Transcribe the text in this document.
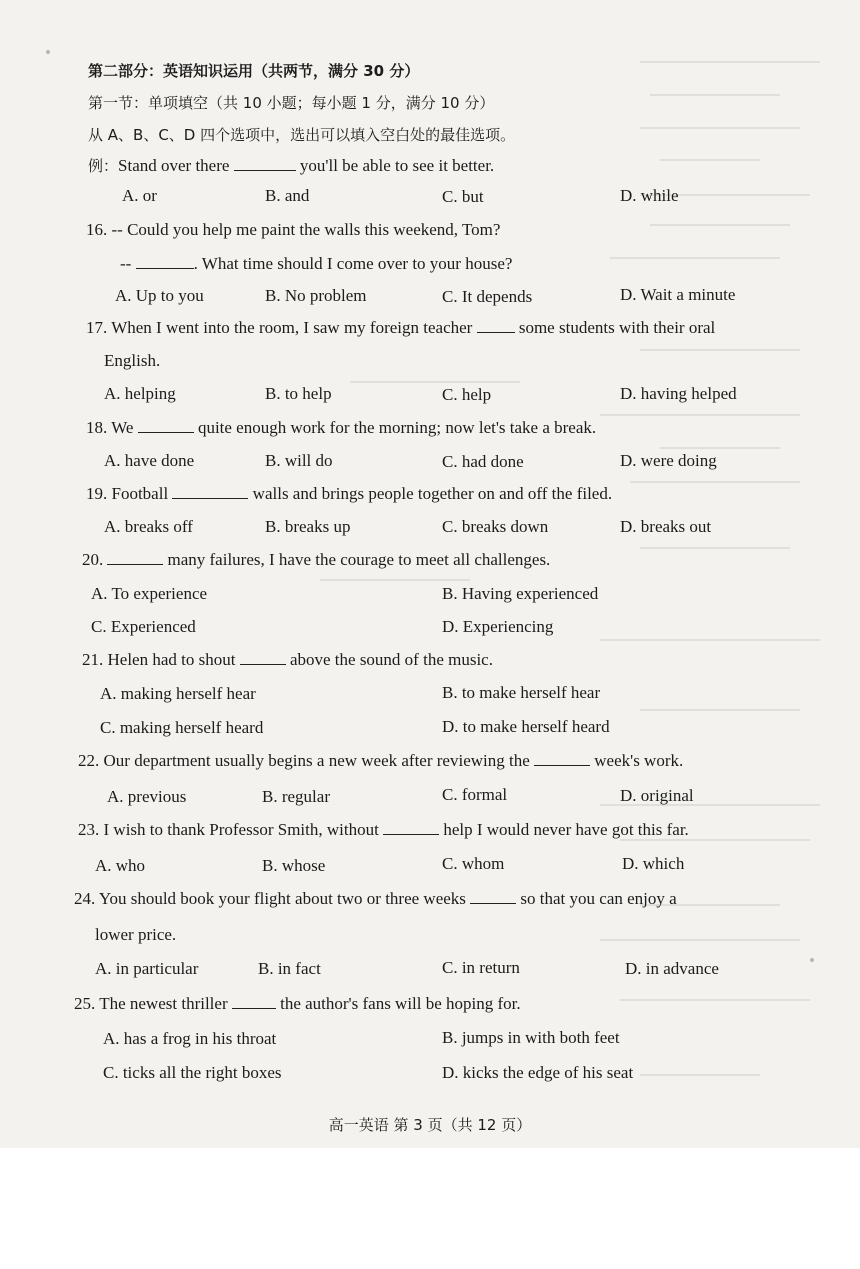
第二部分：英语知识运用（共两节，满分 30 分）
第一节：单项填空（共 10 小题；每小题 1 分，满分 10 分）
从 A、B、C、D 四个选项中，选出可以填入空白处的最佳选项。
例：Stand over there	you'll be able to see it better.
A. or	B. and	C. but	D. while
16. -- Could you help me paint the walls this weekend, Tom?
--	. What time should I come over to your house?
A. Up to you	B. No problem	C. It depends	D. Wait a minute
17. When I went into the room, I saw my foreign teacher	some students with their oral
English.
A. helping	B. to help	C. help	D. having helped
18. We	quite enough work for the morning; now let's take a break.
A. have done	B. will do	C. had done	D. were doing
19. Football	walls and brings people together on and off the filed.
A. breaks off	B. breaks up	C. breaks down	D. breaks out
20.	many failures, I have the courage to meet all challenges.
A. To experience	B. Having experienced
C. Experienced	D. Experiencing
21. Helen had to shout	above the sound of the music.
A. making herself hear	B. to make herself hear
C. making herself heard	D. to make herself heard
22. Our department usually begins a new week after reviewing the	week's work.
A. previous	B. regular	C. formal	D. original
23. I wish to thank Professor Smith, without	help I would never have got this far.
A. who	B. whose	C. whom	D. which
24. You should book your flight about two or three weeks	so that you can enjoy a
lower price.
A. in particular	B. in fact	C. in return	D. in advance
25. The newest thriller	the author's fans will be hoping for.
A. has a frog in his throat	B. jumps in with both feet
C. ticks all the right boxes	D. kicks the edge of his seat
高一英语 第 3 页（共 12 页）
